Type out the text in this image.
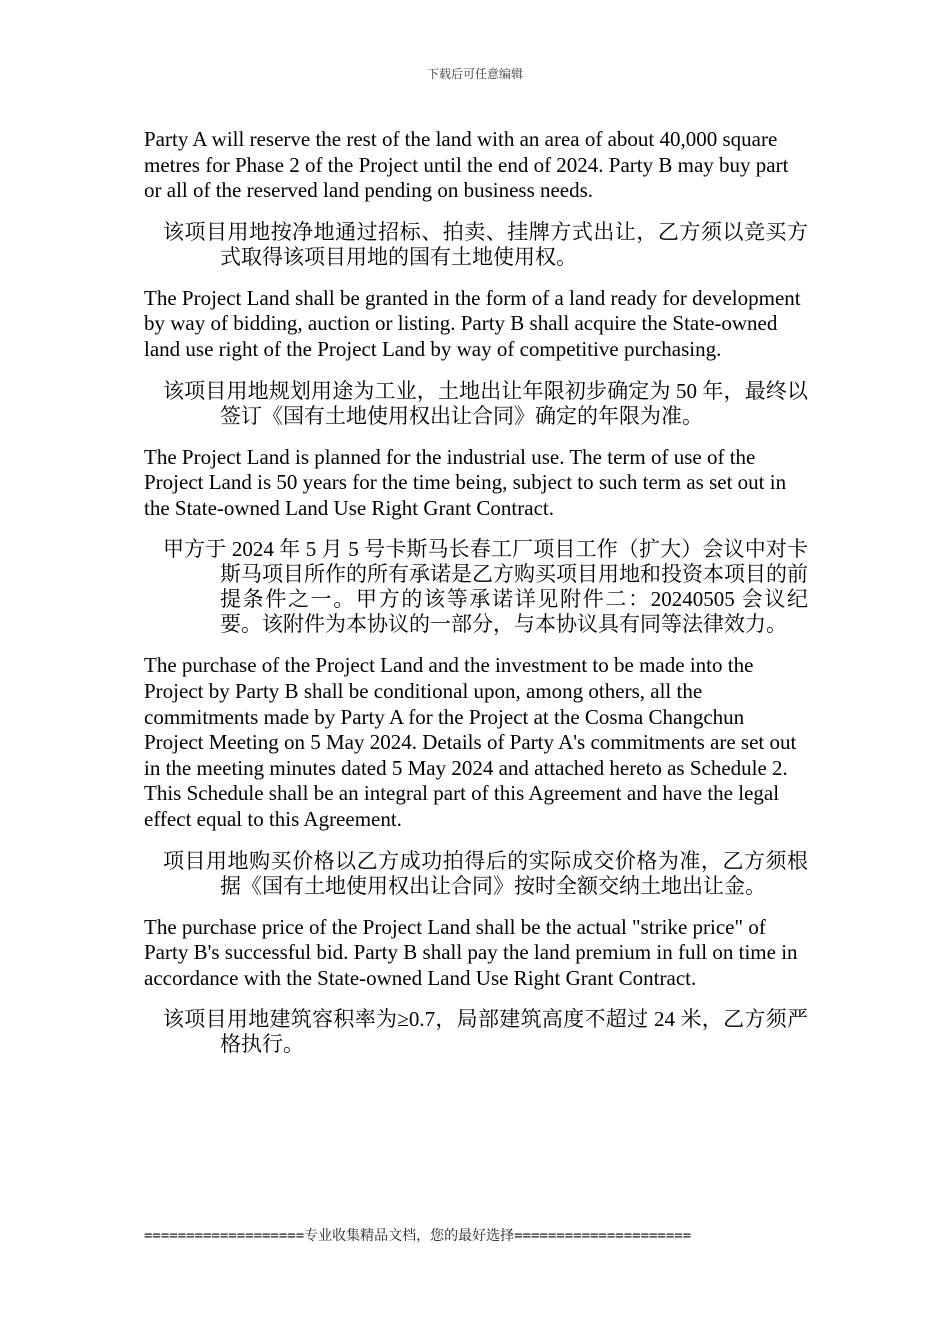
下载后可任意编辑

Party A will reserve the rest of the land with an area of about 40,000 square metres for Phase 2 of the Project until the end of 2024. Party B may buy part or all of the reserved land pending on business needs.

该项目用地按净地通过招标、拍卖、挂牌方式出让，乙方须以竞买方式取得该项目用地的国有土地使用权。

The Project Land shall be granted in the form of a land ready for development by way of bidding, auction or listing. Party B shall acquire the State-owned land use right of the Project Land by way of competitive purchasing.

该项目用地规划用途为工业，土地出让年限初步确定为 50 年，最终以签订《国有土地使用权出让合同》确定的年限为准。

The Project Land is planned for the industrial use. The term of use of the Project Land is 50 years for the time being, subject to such term as set out in the State-owned Land Use Right Grant Contract.

甲方于 2024 年 5 月 5 号卡斯马长春工厂项目工作（扩大）会议中对卡斯马项目所作的所有承诺是乙方购买项目用地和投资本项目的前提条件之一。甲方的该等承诺详见附件二：20240505 会议纪要。该附件为本协议的一部分，与本协议具有同等法律效力。

The purchase of the Project Land and the investment to be made into the Project by Party B shall be conditional upon, among others, all the commitments made by Party A for the Project at the Cosma Changchun Project Meeting on 5 May 2024. Details of Party A's commitments are set out in the meeting minutes dated 5 May 2024 and attached hereto as Schedule 2. This Schedule shall be an integral part of this Agreement and have the legal effect equal to this Agreement.

项目用地购买价格以乙方成功拍得后的实际成交价格为准，乙方须根据《国有土地使用权出让合同》按时全额交纳土地出让金。

The purchase price of the Project Land shall be the actual "strike price" of Party B's successful bid. Party B shall pay the land premium in full on time in accordance with the State-owned Land Use Right Grant Contract.

该项目用地建筑容积率为≥0.7，局部建筑高度不超过 24 米，乙方须严格执行。

===================专业收集精品文档，您的最好选择=====================
